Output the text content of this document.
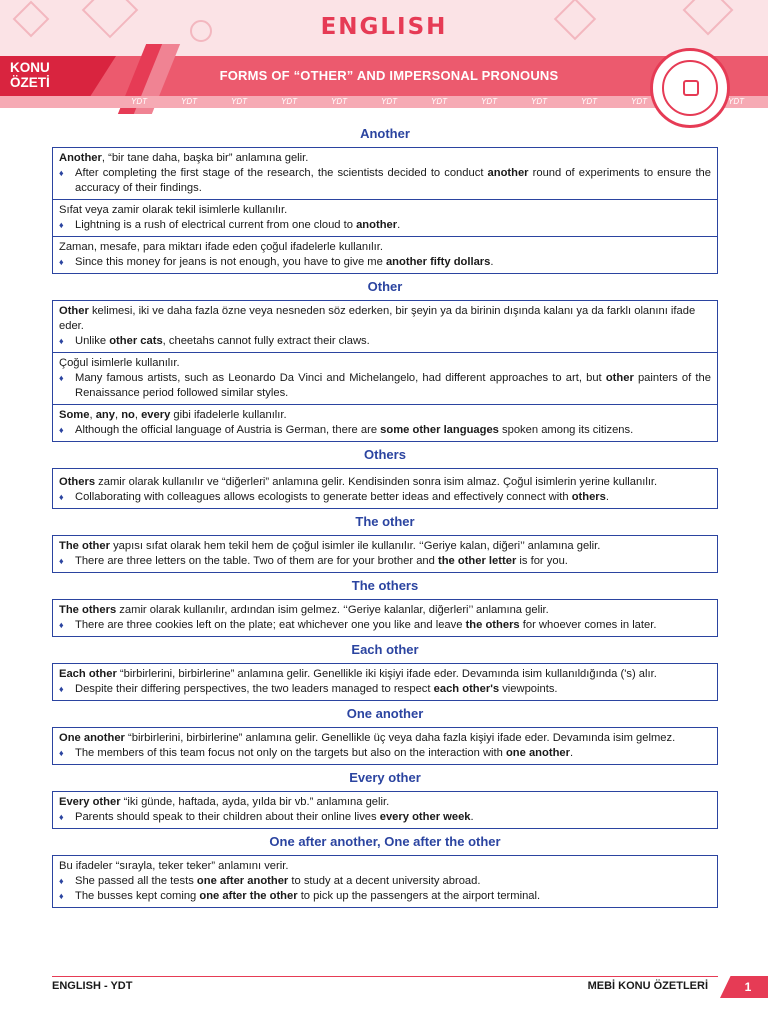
ENGLISH
KONU
ÖZETİ	FORMS OF “OTHER” AND IMPERSONAL PRONOUNS
YDT	YDT	YDT	YDT	YDT	YDT	YDT	YDT	YDT	YDT	YDT	YDT
Another
Another, “bir tane daha, başka bir” anlamına gelir.
♦	After completing the first stage of the research, the scientists decided to conduct another round of experiments to ensure the accuracy of their findings.
Sıfat veya zamir olarak tekil isimlerle kullanılır.
♦	Lightning is a rush of electrical current from one cloud to another.
Zaman, mesafe, para miktarı ifade eden çoğul ifadelerle kullanılır.
♦	Since this money for jeans is not enough, you have to give me another fifty dollars.
Other
Other kelimesi, iki ve daha fazla özne veya nesneden söz ederken, bir şeyin ya da birinin dışında kalanı ya da farklı olanını ifade eder.
♦	Unlike other cats, cheetahs cannot fully extract their claws.
Çoğul isimlerle kullanılır.
♦	Many famous artists, such as Leonardo Da Vinci and Michelangelo, had different approaches to art, but other painters of the Renaissance period followed similar styles.
Some, any, no, every gibi ifadelerle kullanılır.
♦	Although the official language of Austria is German, there are some other languages spoken among its citizens.
Others
Others zamir olarak kullanılır ve “diğerleri” anlamına gelir. Kendisinden sonra isim almaz. Çoğul isimlerin yerine kullanılır.
♦	Collaborating with colleagues allows ecologists to generate better ideas and effectively connect with others.
The other
The other yapısı sıfat olarak hem tekil hem de çoğul isimler ile kullanılır. ‘‘Geriye kalan, diğeri’’ anlamına gelir.
♦	There are three letters on the table. Two of them are for your brother and the other letter is for you.
The others
The others zamir olarak kullanılır, ardından isim gelmez. ‘‘Geriye kalanlar, diğerleri’’ anlamına gelir.
♦	There are three cookies left on the plate; eat whichever one you like and leave the others for whoever comes in later.
Each other
Each other “birbirlerini, birbirlerine” anlamına gelir. Genellikle iki kişiyi ifade eder. Devamında isim kullanıldığında ('s) alır.
♦	Despite their differing perspectives, the two leaders managed to respect each other's viewpoints.
One another
One another “birbirlerini, birbirlerine” anlamına gelir. Genellikle üç veya daha fazla kişiyi ifade eder. Devamında isim gelmez.
♦	The members of this team focus not only on the targets but also on the interaction with one another.
Every other
Every other “iki günde, haftada, ayda, yılda bir vb.” anlamına gelir.
♦	Parents should speak to their children about their online lives every other week.
One after another, One after the other
Bu ifadeler “sırayla, teker teker” anlamını verir.
♦	She passed all the tests one after another to study at a decent university abroad.
♦	The busses kept coming one after the other to pick up the passengers at the airport terminal.
ENGLISH - YDT	MEBİ KONU ÖZETLERİ	1
